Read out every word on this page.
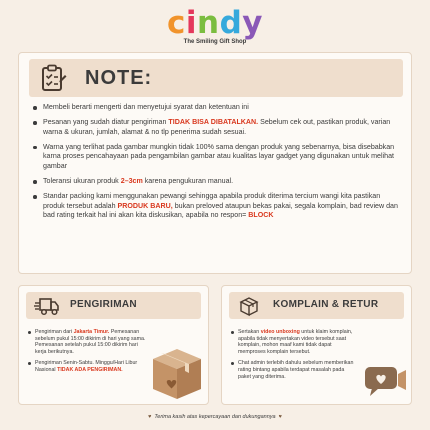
cindy
The Smiling Gift Shop
NOTE:
Membeli berarti mengerti dan menyetujui syarat dan ketentuan ini
Pesanan yang sudah diatur pengiriman TIDAK BISA DIBATALKAN. Sebelum cek out, pastikan produk, varian warna & ukuran, jumlah, alamat & no tlp penerima sudah sesuai.
Warna yang terlihat pada gambar mungkin tidak 100% sama dengan produk yang sebenarnya, bisa disebabkan karna proses pencahayaan pada pengambilan gambar atau kualitas layar gadget yang digunakan untuk melihat gambar
Toleransi ukuran produk 2–3cm karena pengukuran manual.
Standar packing kami menggunakan pewangi sehingga apabila produk diterima tercium wangi kita pastikan produk tersebut adalah PRODUK BARU, bukan preloved ataupun bekas pakai, segala komplain, bad review dan bad rating terkait hal ini akan kita diskusikan, apabila no respon= BLOCK
PENGIRIMAN
Pengiriman dari Jakarta Timur. Pemesanan sebelum pukul 15:00 dikirim di hari yang sama. Pemesanan setelah pukul 15:00 dikirim hari kerja berikutnya.
Pengiriman Senin-Sabtu. Minggu/Hari Libur Nasional TIDAK ADA PENGIRIMAN.
KOMPLAIN & RETUR
Sertakan video unboxing untuk klaim komplain, apabila tidak menyertakan video tersebut saat komplain, mohon maaf kami tidak dapat memproses komplain tersebut.
Chat admin terlebih dahulu sebelum memberikan rating bintang apabila terdapat masalah pada paket yang diterima.
♥ Terima kasih atas kepercayaan dan dukungannya ♥
